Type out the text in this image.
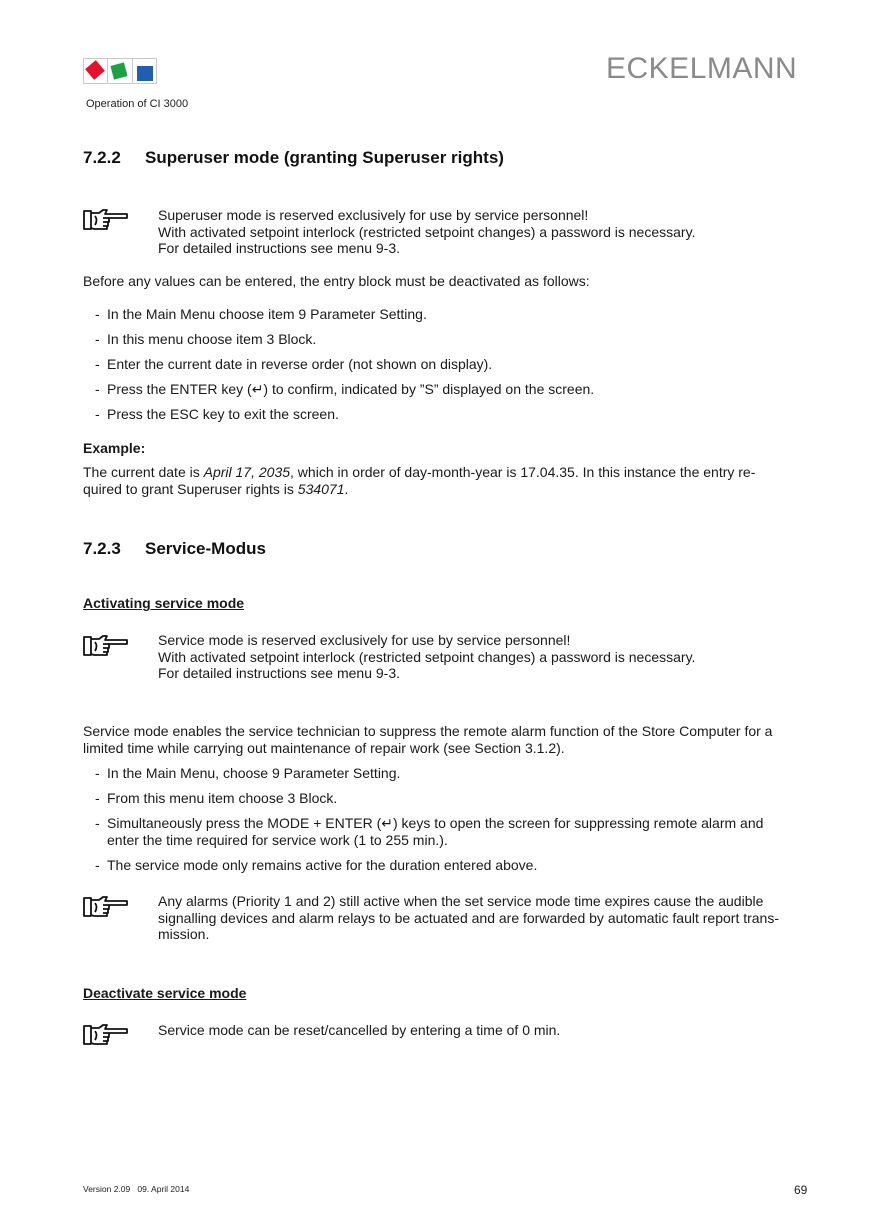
ECKELMANN
Operation of CI 3000
7.2.2 Superuser mode (granting Superuser rights)
Superuser mode is reserved exclusively for use by service personnel!
With activated setpoint interlock (restricted setpoint changes) a password is necessary.
For detailed instructions see menu 9-3.

Before any values can be entered, the entry block must be deactivated as follows:

- In the Main Menu choose item 9 Parameter Setting.
- In this menu choose item 3 Block.
- Enter the current date in reverse order (not shown on display).
- Press the ENTER key (↵) to confirm, indicated by ”S” displayed on the screen.
- Press the ESC key to exit the screen.
Example:
The current date is April 17, 2035, which in order of day-month-year is 17.04.35. In this instance the entry re-
quired to grant Superuser rights is 534071.
7.2.3 Service-Modus
Activating service mode
Service mode is reserved exclusively for use by service personnel!
With activated setpoint interlock (restricted setpoint changes) a password is necessary.
For detailed instructions see menu 9-3.
Service mode enables the service technician to suppress the remote alarm function of the Store Computer for a
limited time while carrying out maintenance of repair work (see Section 3.1.2).
- In the Main Menu, choose 9 Parameter Setting.
- From this menu item choose 3 Block.
- Simultaneously press the MODE + ENTER (↵) keys to open the screen for suppressing remote alarm and
enter the time required for service work (1 to 255 min.).
- The service mode only remains active for the duration entered above.
Any alarms (Priority 1 and 2) still active when the set service mode time expires cause the audible
signalling devices and alarm relays to be actuated and are forwarded by automatic fault report trans-
mission.
Deactivate service mode
Service mode can be reset/cancelled by entering a time of 0 min.
Version 2.09   09. April 2014	69
